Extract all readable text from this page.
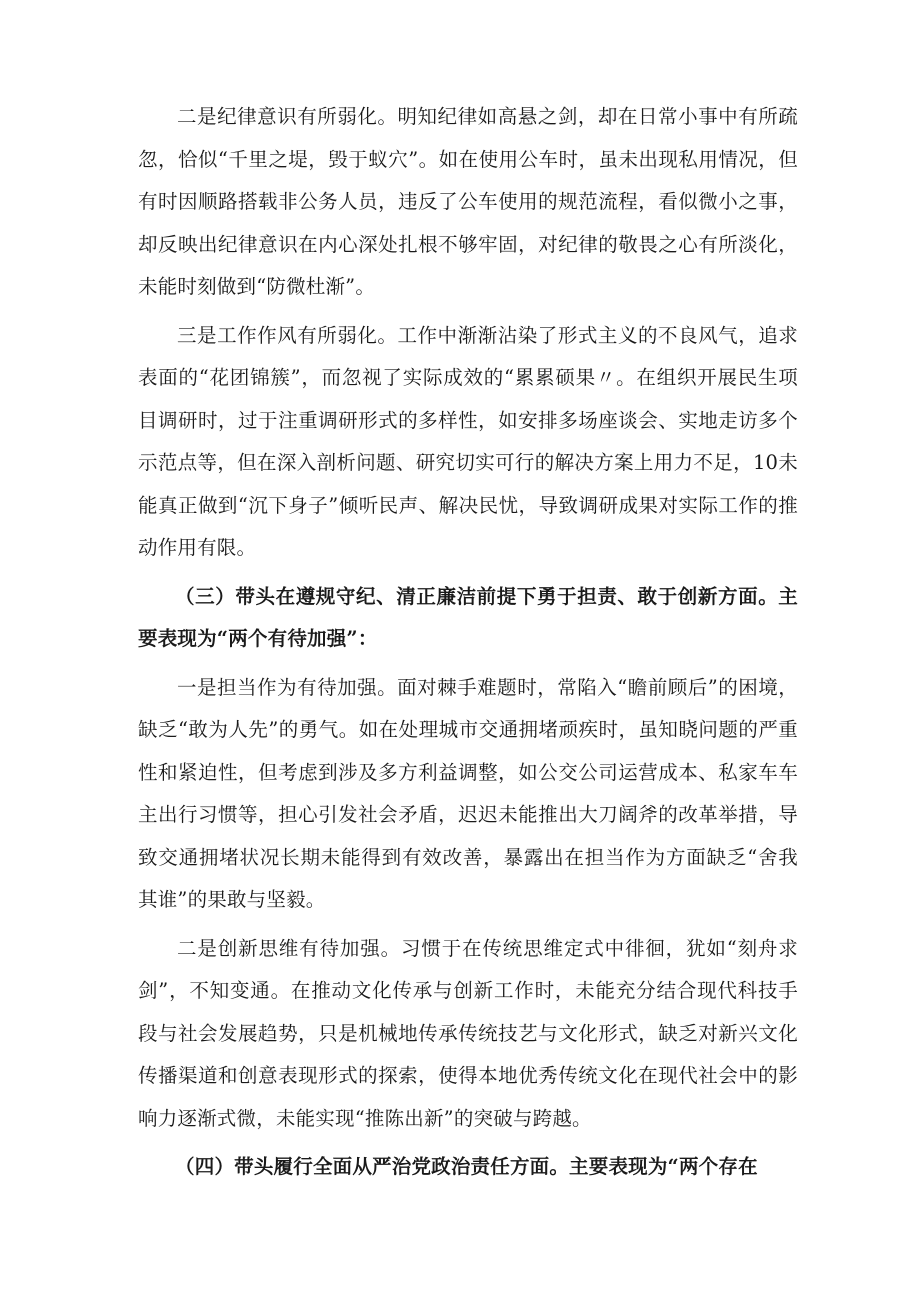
二是纪律意识有所弱化。明知纪律如高悬之剑，却在日常小事中有所疏忽，恰似“千里之堤，毁于蚁穴”。如在使用公车时，虽未出现私用情况，但有时因顺路搭载非公务人员，违反了公车使用的规范流程，看似微小之事，却反映出纪律意识在内心深处扎根不够牢固，对纪律的敬畏之心有所淡化，未能时刻做到“防微杜渐”。

三是工作作风有所弱化。工作中渐渐沾染了形式主义的不良风气，追求表面的“花团锦簇”，而忽视了实际成效的“累累硕果〃。在组织开展民生项目调研时，过于注重调研形式的多样性，如安排多场座谈会、实地走访多个示范点等，但在深入剖析问题、研究切实可行的解决方案上用力不足，10未能真正做到“沉下身子”倾听民声、解决民忧，导致调研成果对实际工作的推动作用有限。

（三）带头在遵规守纪、清正廉洁前提下勇于担责、敢于创新方面。主要表现为“两个有待加强”：

一是担当作为有待加强。面对棘手难题时，常陷入“瞻前顾后”的困境，缺乏“敢为人先”的勇气。如在处理城市交通拥堵顽疾时，虽知晓问题的严重性和紧迫性，但考虑到涉及多方利益调整，如公交公司运营成本、私家车车主出行习惯等，担心引发社会矛盾，迟迟未能推出大刀阔斧的改革举措，导致交通拥堵状况长期未能得到有效改善，暴露出在担当作为方面缺乏“舍我其谁”的果敢与坚毅。

二是创新思维有待加强。习惯于在传统思维定式中徘徊，犹如“刻舟求剑”，不知变通。在推动文化传承与创新工作时，未能充分结合现代科技手段与社会发展趋势，只是机械地传承传统技艺与文化形式，缺乏对新兴文化传播渠道和创意表现形式的探索，使得本地优秀传统文化在现代社会中的影响力逐渐式微，未能实现“推陈出新”的突破与跨越。

（四）带头履行全面从严治党政治责任方面。主要表现为“两个存在
